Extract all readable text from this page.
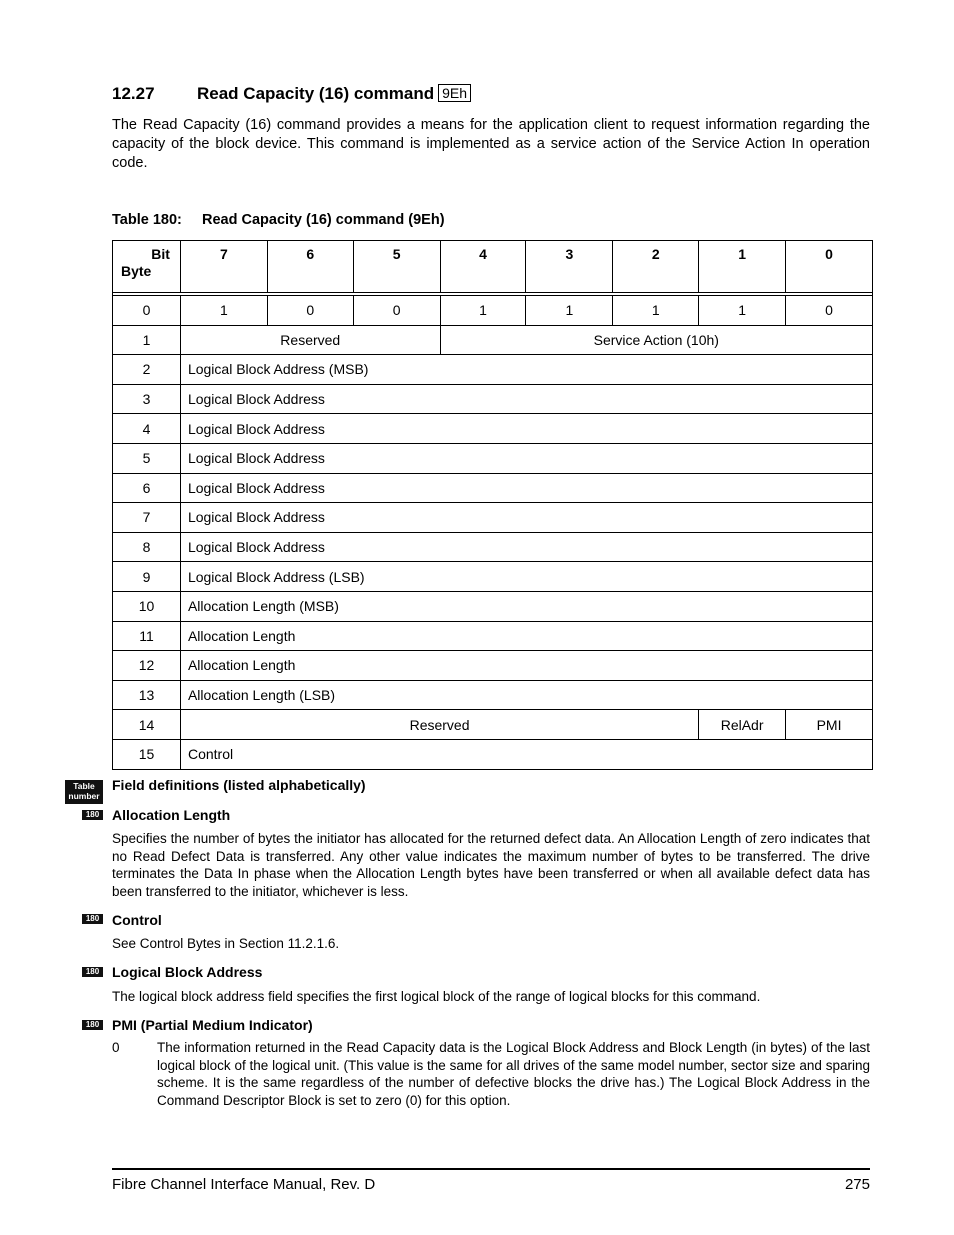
12.27 Read Capacity (16) command 9Eh
The Read Capacity (16) command provides a means for the application client to request information regarding the capacity of the block device. This command is implemented as a service action of the Service Action In operation code.
Table 180: Read Capacity (16) command (9Eh)
Bit
Byte	7	6	5	4	3	2	1	0

0	1	0	0	1	1	1	1	0
1	Reserved			Service Action (10h)				
2	Logical Block Address (MSB)							
3	Logical Block Address							
4	Logical Block Address							
5	Logical Block Address							
6	Logical Block Address							
7	Logical Block Address							
8	Logical Block Address							
9	Logical Block Address (LSB)							
10	Allocation Length (MSB)							
11	Allocation Length							
12	Allocation Length							
13	Allocation Length (LSB)							
14	Reserved						RelAdr	PMI
15	Control							
Table
number
Field definitions (listed alphabetically)
180 Allocation Length
Specifies the number of bytes the initiator has allocated for the returned defect data. An Allocation Length of zero indicates that no Read Defect Data is transferred. Any other value indicates the maximum number of bytes to be transferred. The drive terminates the Data In phase when the Allocation Length bytes have been transferred or when all available defect data has been transferred to the initiator, whichever is less.
180 Control
See Control Bytes in Section 11.2.1.6.
180 Logical Block Address
The logical block address field specifies the first logical block of the range of logical blocks for this command.
180 PMI (Partial Medium Indicator)
0	The information returned in the Read Capacity data is the Logical Block Address and Block Length (in bytes) of the last logical block of the logical unit. (This value is the same for all drives of the same model number, sector size and sparing scheme. It is the same regardless of the number of defective blocks the drive has.) The Logical Block Address in the Command Descriptor Block is set to zero (0) for this option.
Fibre Channel Interface Manual, Rev. D	275
